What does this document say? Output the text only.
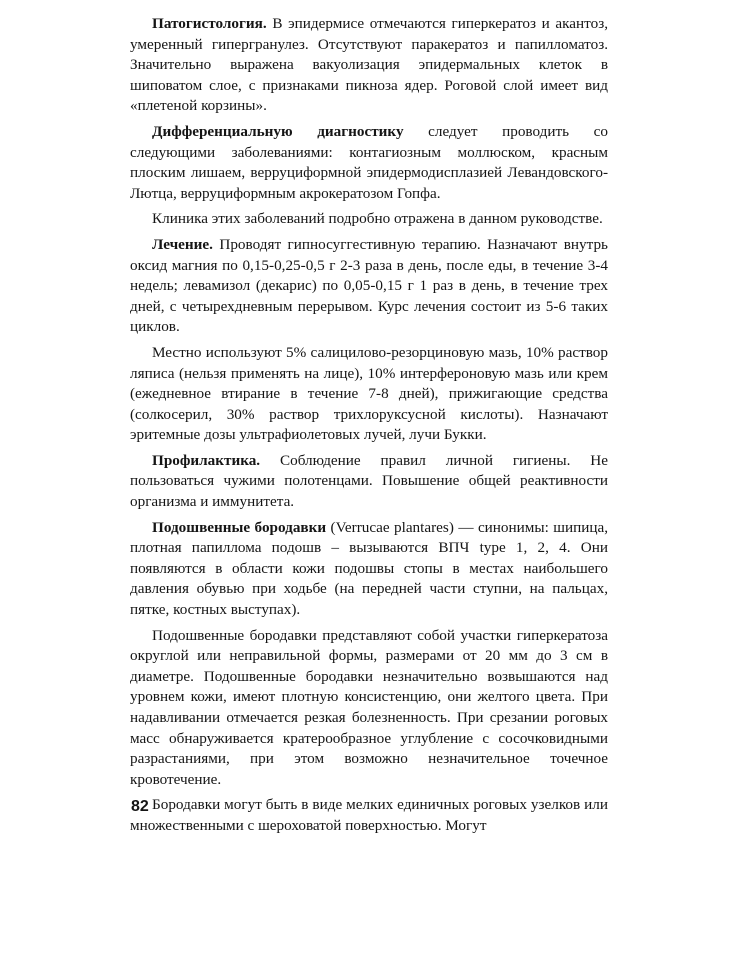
Патогистология. В эпидермисе отмечаются гиперкератоз и акантоз, умеренный гипергранулез. Отсутствуют паракератоз и папилломатоз. Значительно выражена вакуолизация эпидермальных клеток в шиповатом слое, с признаками пикноза ядер. Роговой слой имеет вид «плетеной корзины».

Дифференциальную диагностику следует проводить со следующими заболеваниями: контагиозным моллюском, красным плоским лишаем, верруциформной эпидермодисплазией Левандовского-Лютца, верруциформным акрокератозом Гопфа.

Клиника этих заболеваний подробно отражена в данном руководстве.

Лечение. Проводят гипносуггестивную терапию. Назначают внутрь оксид магния по 0,15-0,25-0,5 г 2-3 раза в день, после еды, в течение 3-4 недель; левамизол (декарис) по 0,05-0,15 г 1 раз в день, в течение трех дней, с четырехдневным перерывом. Курс лечения состоит из 5-6 таких циклов.

Местно используют 5% салицилово-резорциновую мазь, 10% раствор ляписа (нельзя применять на лице), 10% интерфероновую мазь или крем (ежедневное втирание в течение 7-8 дней), прижигающие средства (солкосерил, 30% раствор трихлоруксусной кислоты). Назначают эритемные дозы ультрафиолетовых лучей, лучи Букки.

Профилактика. Соблюдение правил личной гигиены. Не пользоваться чужими полотенцами. Повышение общей реактивности организма и иммунитета.

Подошвенные бородавки (Verrucae plantares) — синонимы: шипица, плотная папиллома подошв – вызываются ВПЧ type 1, 2, 4. Они появляются в области кожи подошвы стопы в местах наибольшего давления обувью при ходьбе (на передней части ступни, на пальцах, пятке, костных выступах).

Подошвенные бородавки представляют собой участки гиперкератоза округлой или неправильной формы, размерами от 20 мм до 3 см в диаметре. Подошвенные бородавки незначительно возвышаются над уровнем кожи, имеют плотную консистенцию, они желтого цвета. При надавливании отмечается резкая болезненность. При срезании роговых масс обнаруживается кратерообразное углубление с сосочковидными разрастаниями, при этом возможно незначительное точечное кровотечение.

Бородавки могут быть в виде мелких единичных роговых узелков или множественными с шероховатой поверхностью. Могут

82
